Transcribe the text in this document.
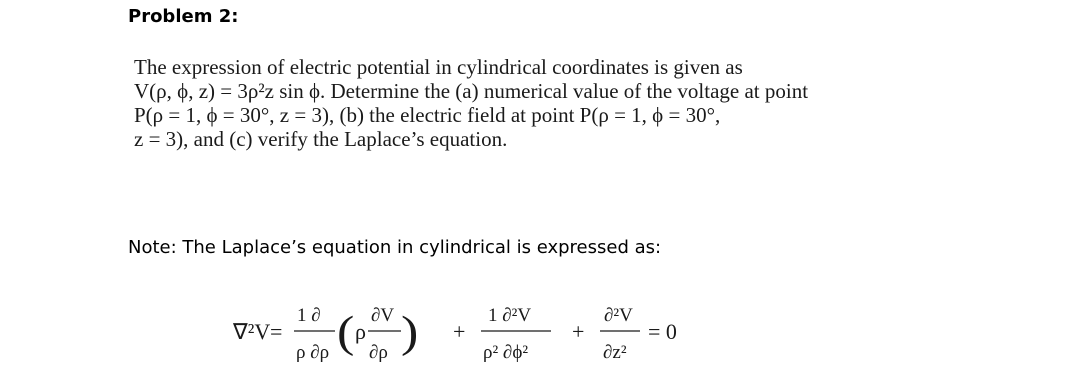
Problem 2:
The expression of electric potential in cylindrical coordinates is given as
V(ρ, ϕ, z) = 3ρ²z sin ϕ. Determine the (a) numerical value of the voltage at point
P(ρ = 1, ϕ = 30°, z = 3), (b) the electric field at point P(ρ = 1, ϕ = 30°,
z = 3), and (c) verify the Laplace’s equation.
Note: The Laplace’s equation in cylindrical is expressed as:
∇²V =
1 ∂
ρ ∂ρ ( ρ
∂V
∂ρ ) +
1 ∂²V
ρ² ∂ϕ²
+
∂²V
∂z²
= 0
